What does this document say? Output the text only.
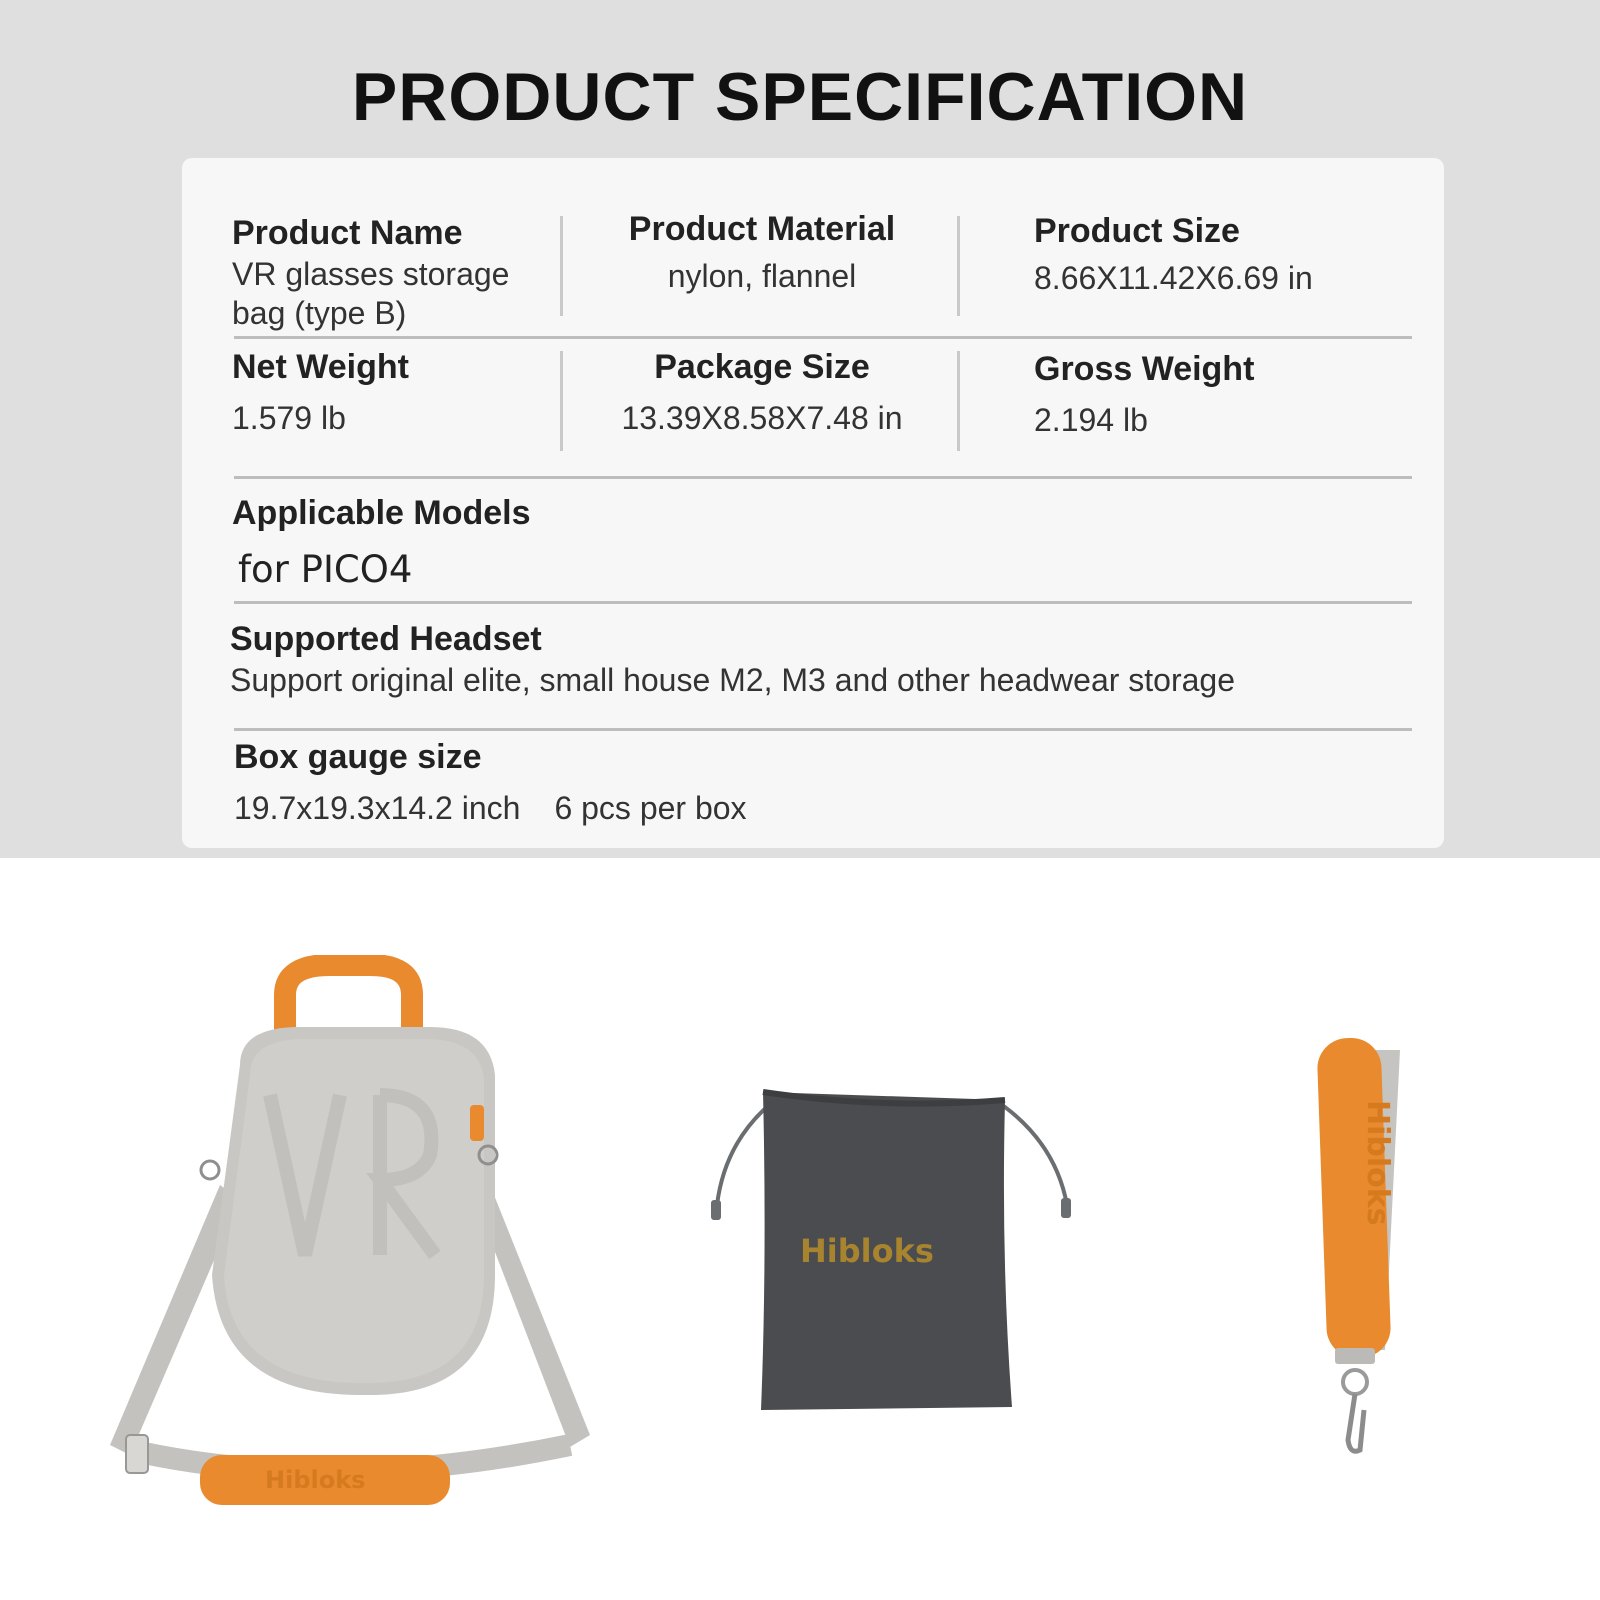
PRODUCT SPECIFICATION
Product Name
VR glasses storage
bag (type B)
Product Material
nylon, flannel
Product Size
8.66X11.42X6.69 in
Net Weight
1.579 lb
Package Size
13.39X8.58X7.48 in
Gross Weight
2.194 lb
Applicable Models
for PICO4
Supported Headset
Support original elite, small house M2, M3 and other headwear storage
Box gauge size
19.7x19.3x14.2 inch 6 pcs per box
Hibloks
Hibloks
Hibloks
